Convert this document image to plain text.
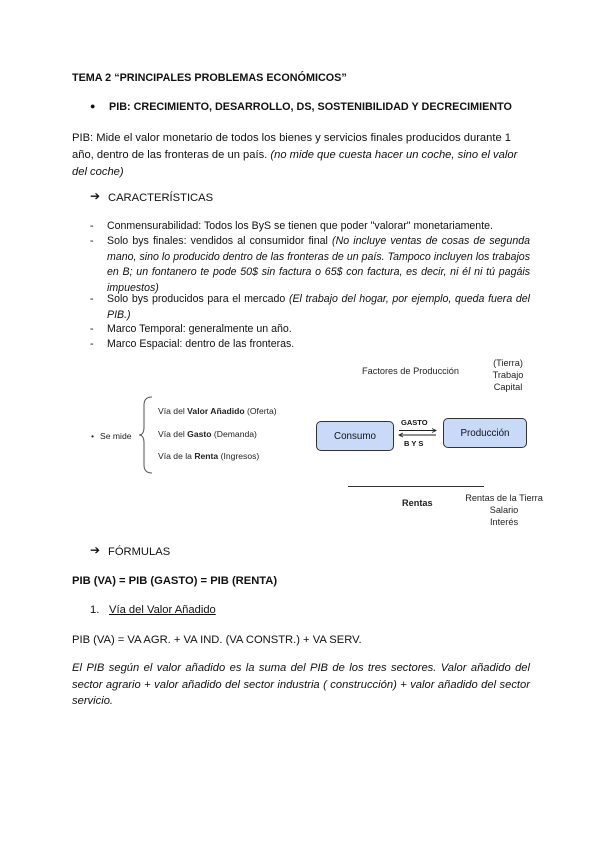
TEMA 2 “PRINCIPALES PROBLEMAS ECONÓMICOS”
● PIB: CRECIMIENTO, DESARROLLO, DS, SOSTENIBILIDAD Y DECRECIMIENTO
PIB: Mide el valor monetario de todos los bienes y servicios finales producidos durante 1 año, dentro de las fronteras de un país. (no mide que cuesta hacer un coche, sino el valor del coche)
➔ CARACTERÍSTICAS
- Conmensurabilidad: Todos los ByS se tienen que poder "valorar" monetariamente.
- Solo bys finales: vendidos al consumidor final (No incluye ventas de cosas de segunda mano, sino lo producido dentro de las fronteras de un país. Tampoco incluyen los trabajos en B; un fontanero te pode 50$ sin factura o 65$ con factura, es decir, ni él ni tú pagáis impuestos)
- Solo bys producidos para el mercado (El trabajo del hogar, por ejemplo, queda fuera del PIB.)
- Marco Temporal: generalmente un año.
- Marco Espacial: dentro de las fronteras.
• Se mide
Vía del Valor Añadido (Oferta)
Vía del Gasto (Demanda)
Vía de la Renta (Ingresos)
Factores de Producción
(Tierra)
Trabajo
Capital
Consumo	Producción
GASTO
B Y S
Rentas	Rentas de la Tierra
Salario
Interés
➔ FÓRMULAS
PIB (VA) = PIB (GASTO) = PIB (RENTA)
1. Vía del Valor Añadido
PIB (VA) = VA AGR. + VA IND. (VA CONSTR.) + VA SERV.
El PIB según el valor añadido es la suma del PIB de los tres sectores. Valor añadido del sector agrario + valor añadido del sector industria ( construcción) + valor añadido del sector servicio.
